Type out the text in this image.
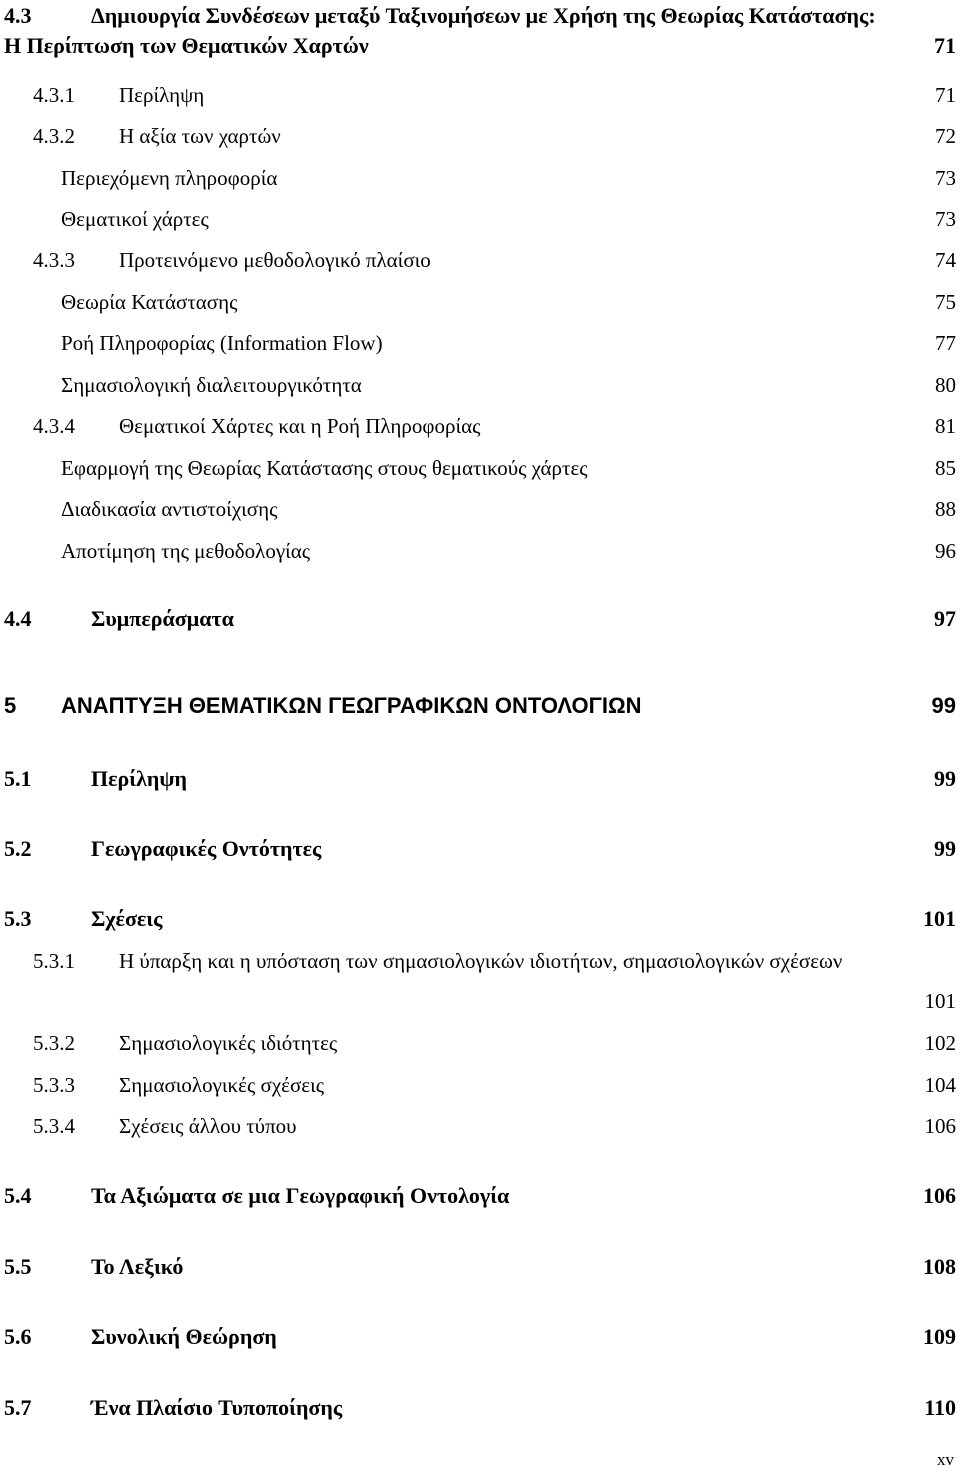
4.3	Δημιουργία Συνδέσεων μεταξύ Ταξινομήσεων με Χρήση της Θεωρίας Κατάστασης:
Η Περίπτωση των Θεματικών Χαρτών	71
4.3.1 Περίληψη	71
4.3.2 Η αξία των χαρτών	72
Περιεχόμενη πληροφορία	73
Θεματικοί χάρτες	73
4.3.3 Προτεινόμενο μεθοδολογικό πλαίσιο	74
Θεωρία Κατάστασης	75
Ροή Πληροφορίας (Information Flow)	77
Σημασιολογική διαλειτουργικότητα	80
4.3.4 Θεματικοί Χάρτες και η Ροή Πληροφορίας	81
Εφαρμογή της Θεωρίας Κατάστασης στους θεματικούς χάρτες	85
Διαδικασία αντιστοίχισης	88
Αποτίμηση της μεθοδολογίας	96
4.4	Συμπεράσματα	97
5 ΑΝΑΠΤΥΞΗ ΘΕΜΑΤΙΚΩΝ ΓΕΩΓΡΑΦΙΚΩΝ ΟΝΤΟΛΟΓΙΩΝ	99
5.1	Περίληψη	99
5.2	Γεωγραφικές Οντότητες	99
5.3	Σχέσεις	101
5.3.1 Η ύπαρξη και η υπόσταση των σημασιολογικών ιδιοτήτων, σημασιολογικών σχέσεων
101
5.3.2 Σημασιολογικές ιδιότητες	102
5.3.3 Σημασιολογικές σχέσεις	104
5.3.4 Σχέσεις άλλου τύπου	106
5.4	Τα Αξιώματα σε μια Γεωγραφική Οντολογία	106
5.5	Το Λεξικό	108
5.6	Συνολική Θεώρηση	109
5.7	Ένα Πλαίσιο Τυποποίησης	110
xv
